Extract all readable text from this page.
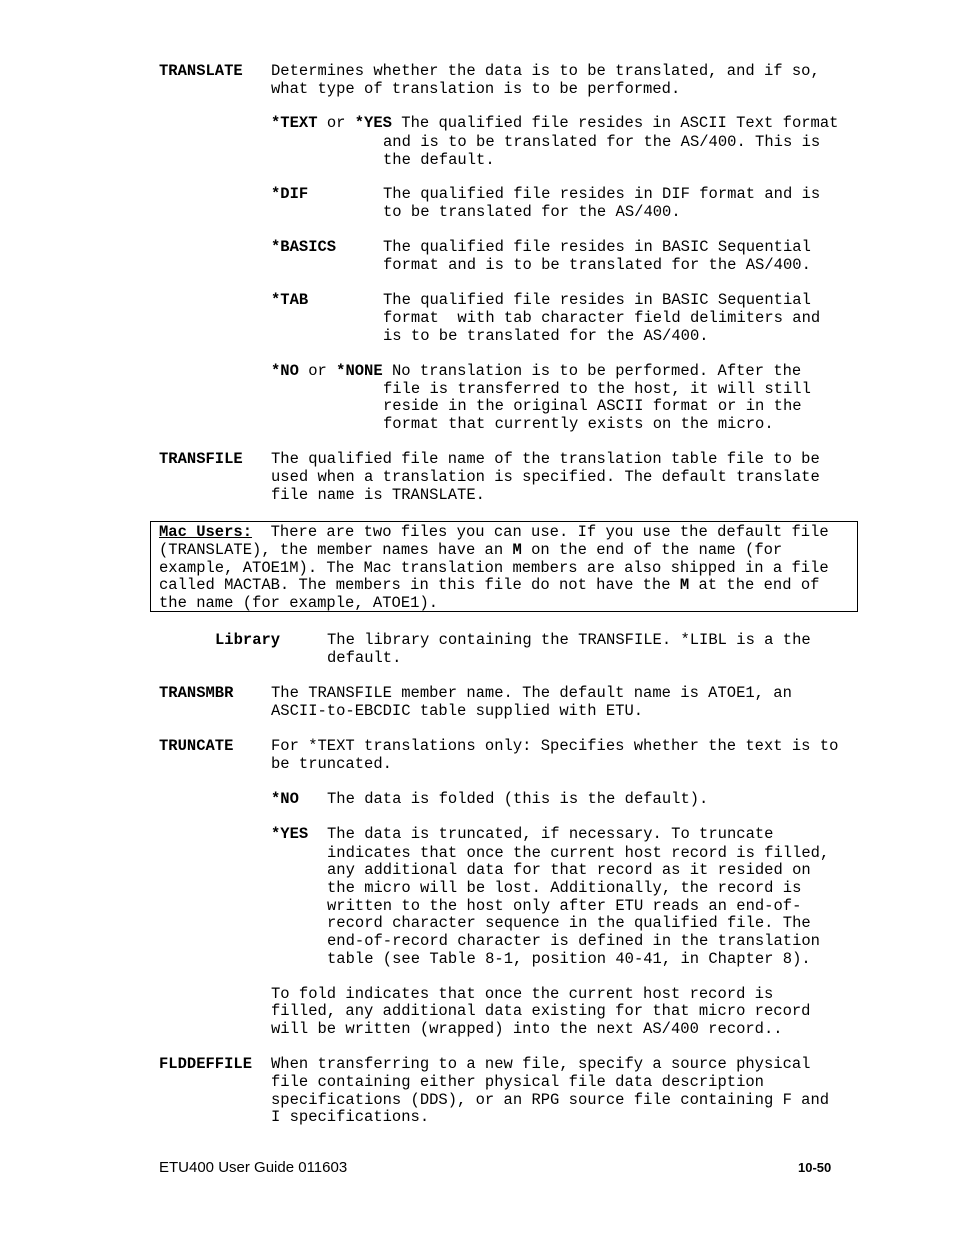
TRANSLATE Determines whether the data is to be translated, and if so,
what type of translation is to be performed.
*TEXT or *YES The qualified file resides in ASCII Text format
and is to be translated for the AS/400. This is
the default.
*DIF	The qualified file resides in DIF format and is
to be translated for the AS/400.
*BASICS	The qualified file resides in BASIC Sequential
format and is to be translated for the AS/400.
*TAB	The qualified file resides in BASIC Sequential
format  with tab character field delimiters and
is to be translated for the AS/400.
*NO or *NONE No translation is to be performed. After the
file is transferred to the host, it will still
reside in the original ASCII format or in the
format that currently exists on the micro.
TRANSFILE The qualified file name of the translation table file to be
used when a translation is specified. The default translate
file name is TRANSLATE.
Mac Users:  There are two files you can use. If you use the default file
(TRANSLATE), the member names have an M on the end of the name (for
example, ATOE1M). The Mac translation members are also shipped in a file
called MACTAB. The members in this file do not have the M at the end of
the name (for example, ATOE1).
Library	The library containing the TRANSFILE. *LIBL is a the
default.
TRANSMBR The TRANSFILE member name. The default name is ATOE1, an
ASCII-to-EBCDIC table supplied with ETU.
TRUNCATE For *TEXT translations only: Specifies whether the text is to
be truncated.
*NO The data is folded (this is the default).
*YES The data is truncated, if necessary. To truncate
indicates that once the current host record is filled,
any additional data for that record as it resided on
the micro will be lost. Additionally, the record is
written to the host only after ETU reads an end-of-
record character sequence in the qualified file. The
end-of-record character is defined in the translation
table (see Table 8-1, position 40-41, in Chapter 8).
To fold indicates that once the current host record is
filled, any additional data existing for that micro record
will be written (wrapped) into the next AS/400 record..
FLDDEFFILE When transferring to a new file, specify a source physical
file containing either physical file data description
specifications (DDS), or an RPG source file containing F and
I specifications.
ETU400 User Guide 011603	10-50
